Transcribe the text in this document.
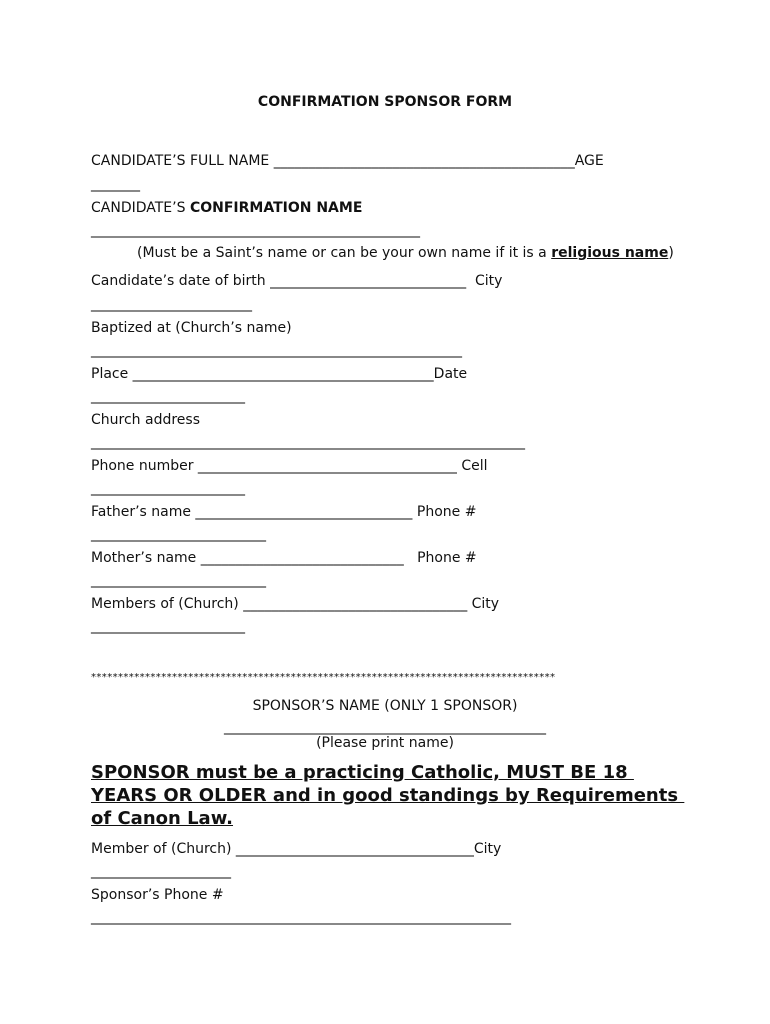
CONFIRMATION SPONSOR FORM
CANDIDATE’S FULL NAME ___________________________________________AGE
_______
CANDIDATE’S CONFIRMATION NAME
_______________________________________________
(Must be a Saint’s name or can be your own name if it is a religious name)
Candidate’s date of birth ____________________________  City
_______________________
Baptized at (Church’s name)
_____________________________________________________
Place ___________________________________________Date
______________________
Church address
______________________________________________________________
Phone number _____________________________________ Cell
______________________
Father’s name _______________________________ Phone #
_________________________
Mother’s name _____________________________   Phone #
_________________________
Members of (Church) ________________________________ City
______________________
**************************************************************************************
SPONSOR’S NAME (ONLY 1 SPONSOR)
______________________________________________
(Please print name)
SPONSOR must be a practicing Catholic, MUST BE 18
YEARS OR OLDER and in good standings by Requirements
of Canon Law.
Member of (Church) __________________________________City
____________________
Sponsor’s Phone #
____________________________________________________________
